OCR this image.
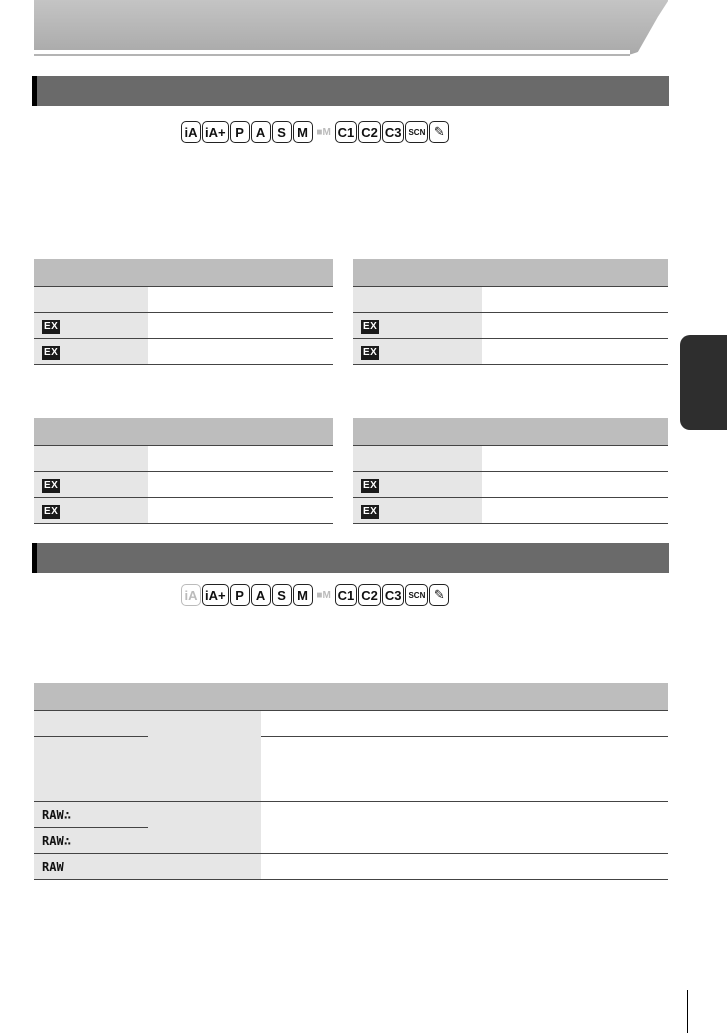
iA iA+ P A S M ■M C1 C2 C3 SCN ✎

EX	
EX	

EX	
EX	

EX	
EX	

EX	
EX	
iA iA+ P A S M ■M C1 C2 C3 SCN ✎

RAW∴		
RAW∴		
RAW		
